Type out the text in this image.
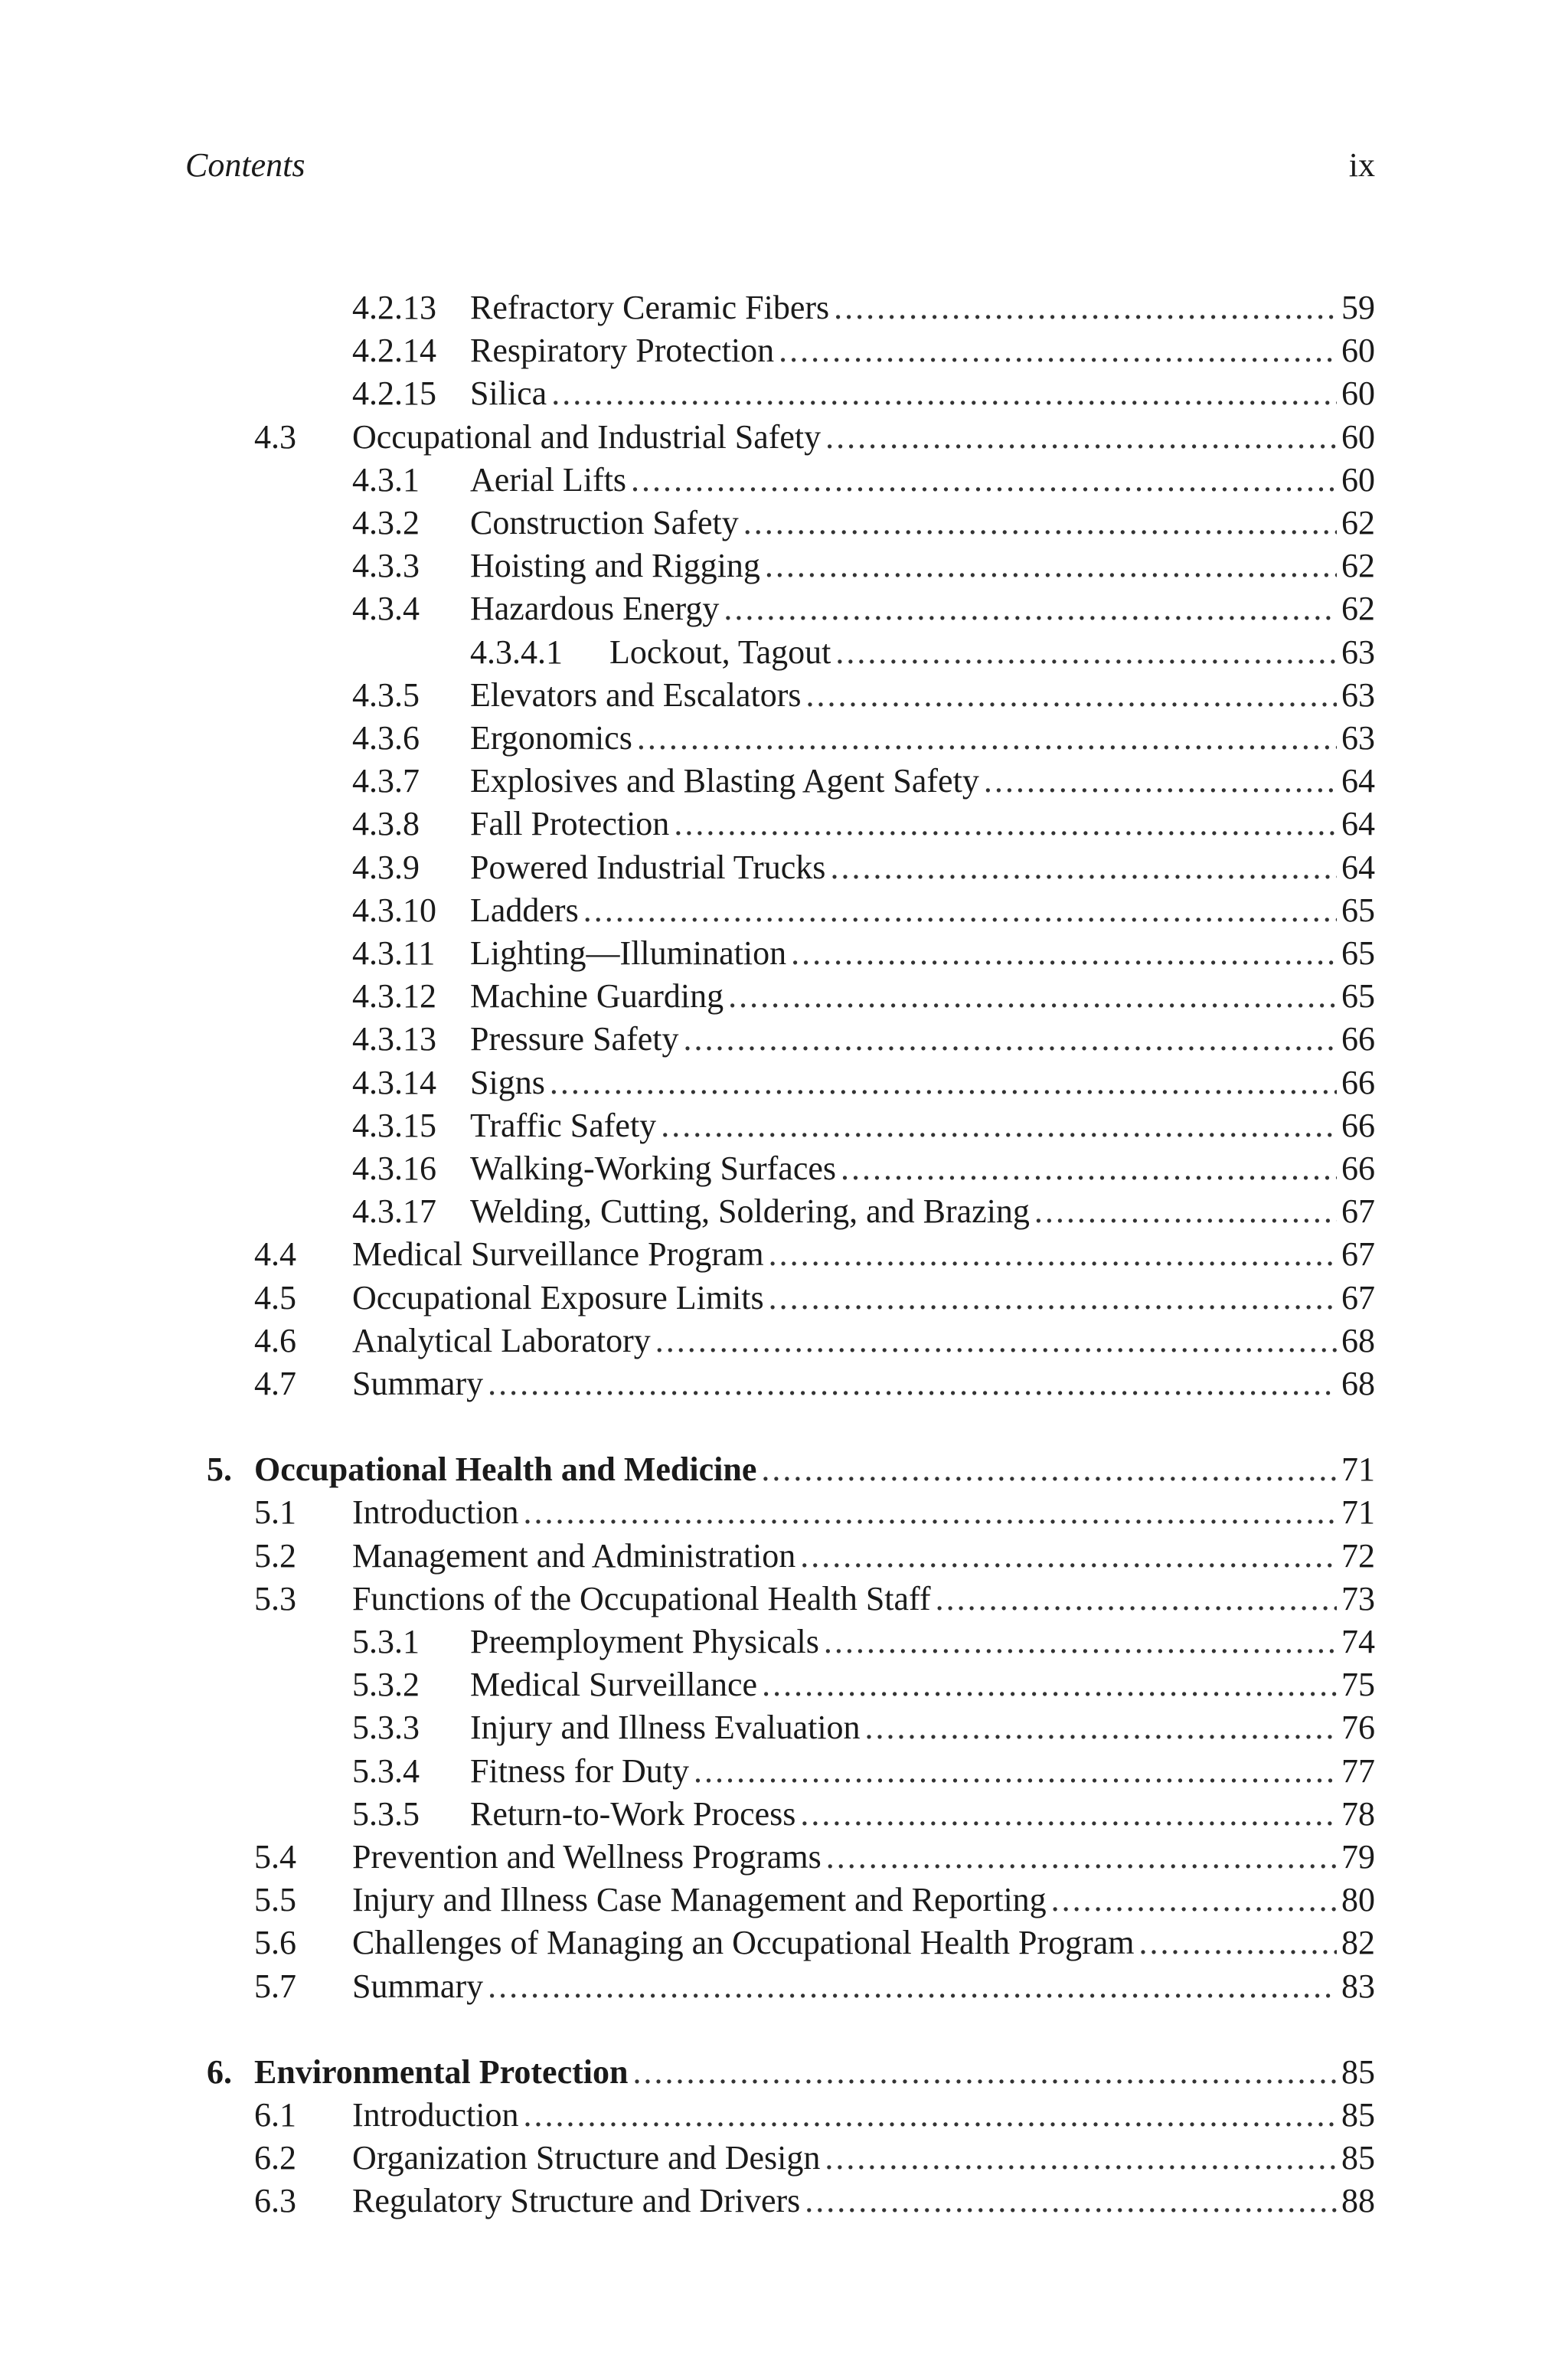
Contents	ix
4.2.13	Refractory Ceramic Fibers .....	59
4.2.14	Respiratory Protection .....	60
4.2.15	Silica .....	60
4.3	Occupational and Industrial Safety .....	60
4.3.1	Aerial Lifts .....	60
4.3.2	Construction Safety .....	62
4.3.3	Hoisting and Rigging .....	62
4.3.4	Hazardous Energy .....	62
4.3.4.1	Lockout, Tagout .....	63
4.3.5	Elevators and Escalators .....	63
4.3.6	Ergonomics .....	63
4.3.7	Explosives and Blasting Agent Safety .....	64
4.3.8	Fall Protection .....	64
4.3.9	Powered Industrial Trucks .....	64
4.3.10	Ladders .....	65
4.3.11	Lighting—Illumination .....	65
4.3.12	Machine Guarding .....	65
4.3.13	Pressure Safety .....	66
4.3.14	Signs .....	66
4.3.15	Traffic Safety .....	66
4.3.16	Walking-Working Surfaces .....	66
4.3.17	Welding, Cutting, Soldering, and Brazing .....	67
4.4	Medical Surveillance Program .....	67
4.5	Occupational Exposure Limits .....	67
4.6	Analytical Laboratory .....	68
4.7	Summary .....	68
5. Occupational Health and Medicine .....	71
5.1	Introduction .....	71
5.2	Management and Administration .....	72
5.3	Functions of the Occupational Health Staff .....	73
5.3.1	Preemployment Physicals .....	74
5.3.2	Medical Surveillance .....	75
5.3.3	Injury and Illness Evaluation .....	76
5.3.4	Fitness for Duty .....	77
5.3.5	Return-to-Work Process .....	78
5.4	Prevention and Wellness Programs .....	79
5.5	Injury and Illness Case Management and Reporting .....	80
5.6	Challenges of Managing an Occupational Health Program .....	82
5.7	Summary .....	83
6. Environmental Protection .....	85
6.1	Introduction .....	85
6.2	Organization Structure and Design .....	85
6.3	Regulatory Structure and Drivers .....	88
